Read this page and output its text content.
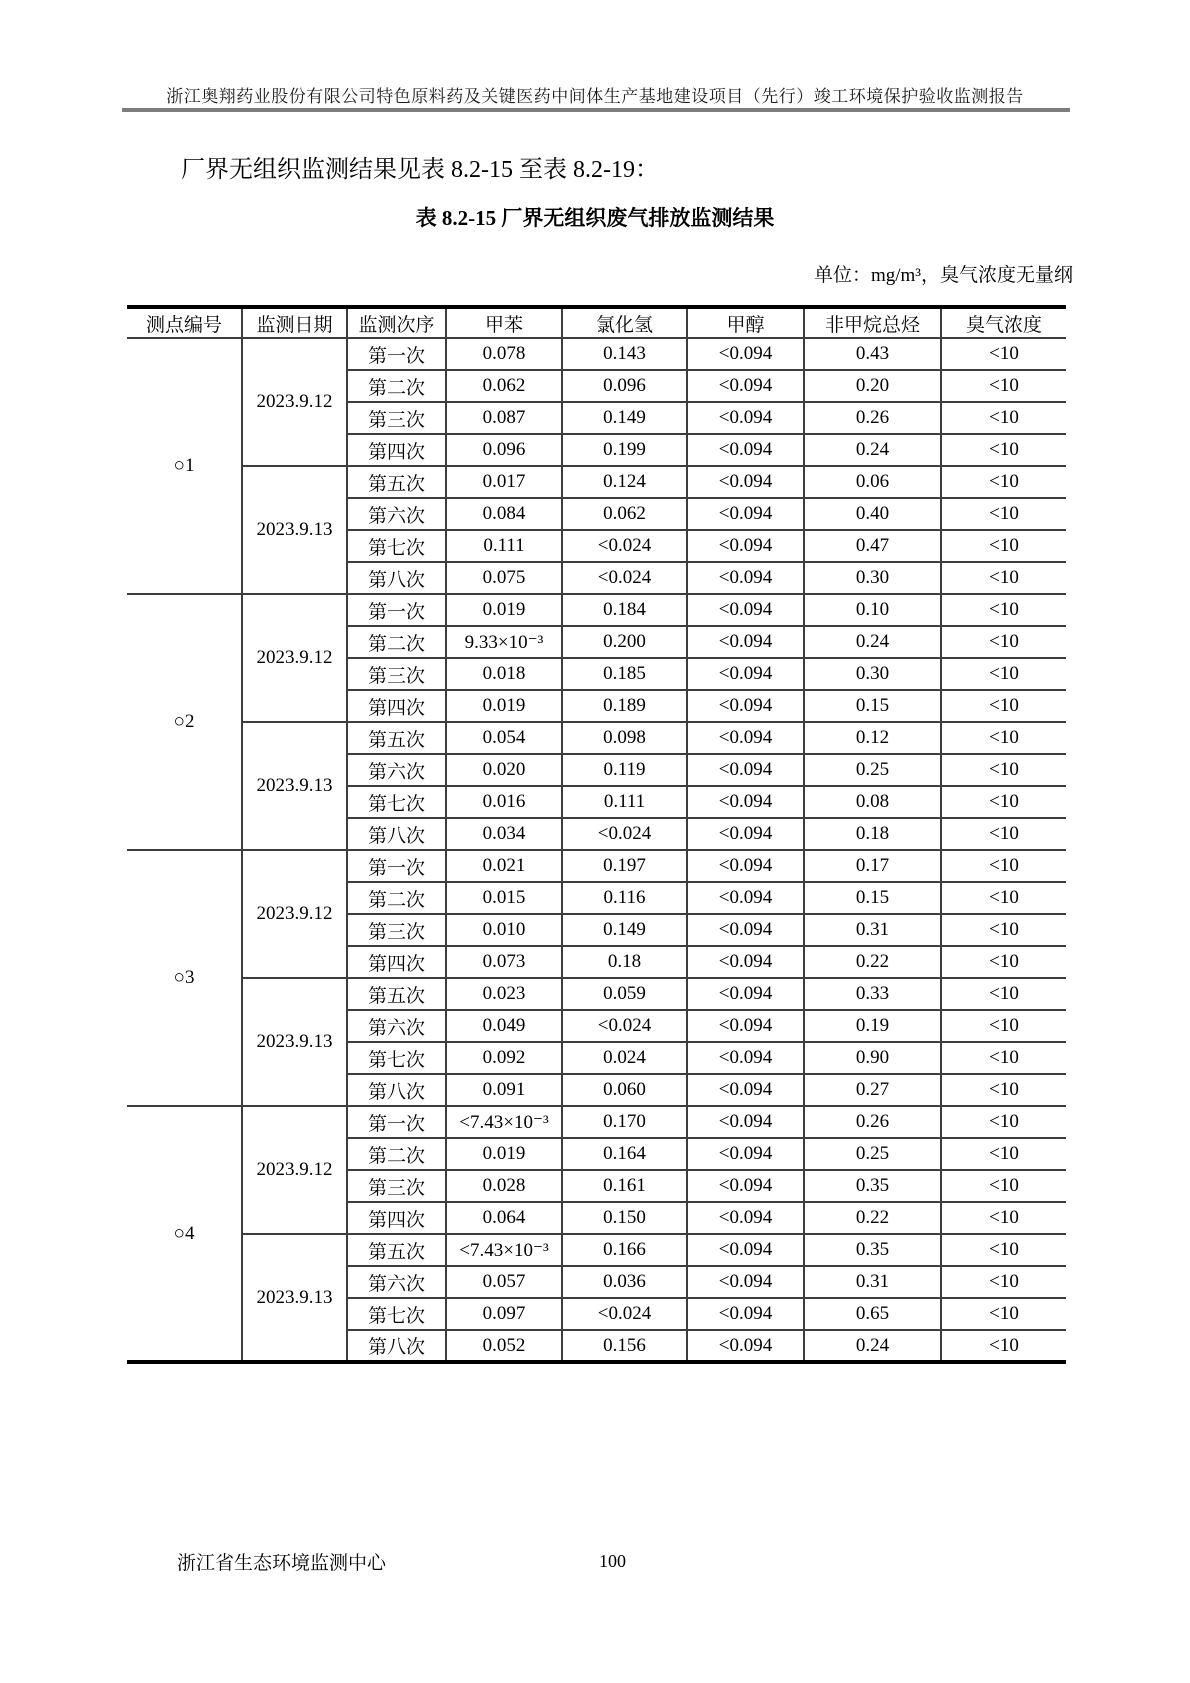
浙江奥翔药业股份有限公司特色原料药及关键医药中间体生产基地建设项目（先行）竣工环境保护验收监测报告
厂界无组织监测结果见表 8.2-15 至表 8.2-19：
表 8.2-15 厂界无组织废气排放监测结果
单位：mg/m³，臭气浓度无量纲
测点编号	监测日期	监测次序	甲苯	氯化氢	甲醇	非甲烷总烃	臭气浓度
○1	2023.9.12	第一次	0.078	0.143	<0.094	0.43	<10
		第二次	0.062	0.096	<0.094	0.20	<10
		第三次	0.087	0.149	<0.094	0.26	<10
		第四次	0.096	0.199	<0.094	0.24	<10
	2023.9.13	第五次	0.017	0.124	<0.094	0.06	<10
		第六次	0.084	0.062	<0.094	0.40	<10
		第七次	0.111	<0.024	<0.094	0.47	<10
		第八次	0.075	<0.024	<0.094	0.30	<10
○2	2023.9.12	第一次	0.019	0.184	<0.094	0.10	<10
		第二次	9.33×10⁻³	0.200	<0.094	0.24	<10
		第三次	0.018	0.185	<0.094	0.30	<10
		第四次	0.019	0.189	<0.094	0.15	<10
	2023.9.13	第五次	0.054	0.098	<0.094	0.12	<10
		第六次	0.020	0.119	<0.094	0.25	<10
		第七次	0.016	0.111	<0.094	0.08	<10
		第八次	0.034	<0.024	<0.094	0.18	<10
○3	2023.9.12	第一次	0.021	0.197	<0.094	0.17	<10
		第二次	0.015	0.116	<0.094	0.15	<10
		第三次	0.010	0.149	<0.094	0.31	<10
		第四次	0.073	0.18	<0.094	0.22	<10
	2023.9.13	第五次	0.023	0.059	<0.094	0.33	<10
		第六次	0.049	<0.024	<0.094	0.19	<10
		第七次	0.092	0.024	<0.094	0.90	<10
		第八次	0.091	0.060	<0.094	0.27	<10
○4	2023.9.12	第一次	<7.43×10⁻³	0.170	<0.094	0.26	<10
		第二次	0.019	0.164	<0.094	0.25	<10
		第三次	0.028	0.161	<0.094	0.35	<10
		第四次	0.064	0.150	<0.094	0.22	<10
	2023.9.13	第五次	<7.43×10⁻³	0.166	<0.094	0.35	<10
		第六次	0.057	0.036	<0.094	0.31	<10
		第七次	0.097	<0.024	<0.094	0.65	<10
		第八次	0.052	0.156	<0.094	0.24	<10
浙江省生态环境监测中心	100
